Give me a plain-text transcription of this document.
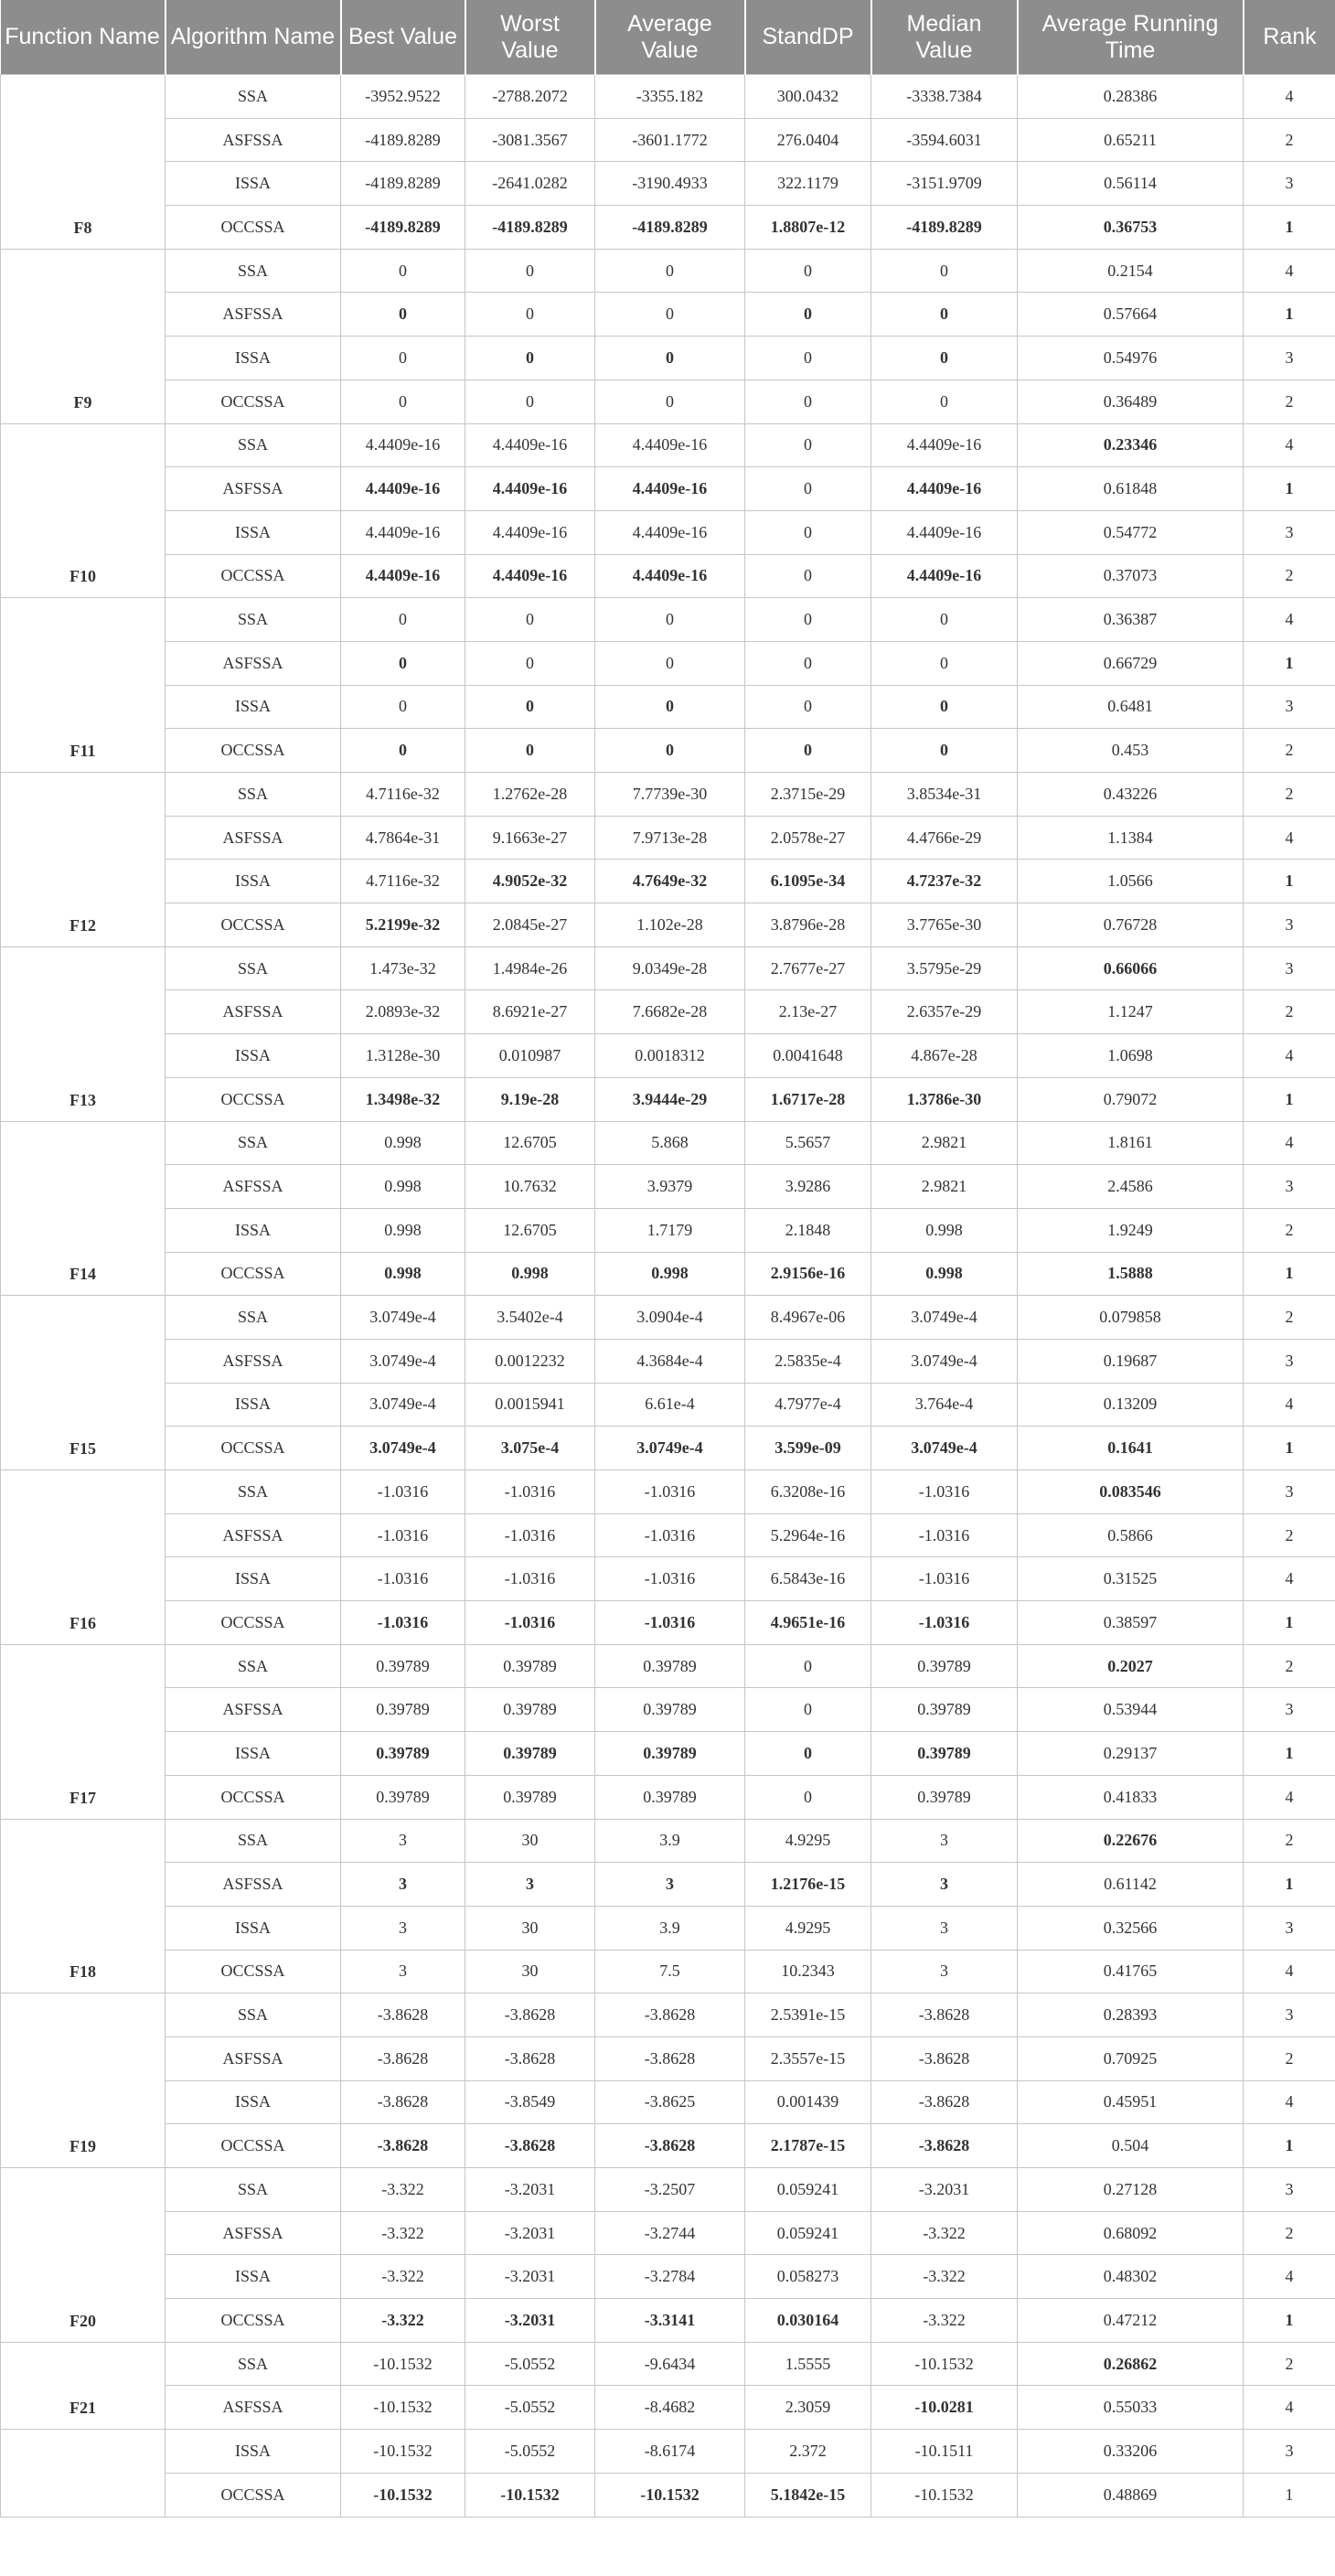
Function Name	Algorithm Name	Best Value	Worst Value	Average Value	StandDP	Median Value	Average Running Time	Rank
F8	SSA	-3952.9522	-2788.2072	-3355.182	300.0432	-3338.7384	0.28386	4
	ASFSSA	-4189.8289	-3081.3567	-3601.1772	276.0404	-3594.6031	0.65211	2
	ISSA	-4189.8289	-2641.0282	-3190.4933	322.1179	-3151.9709	0.56114	3
	OCCSSA	-4189.8289	-4189.8289	-4189.8289	1.8807e-12	-4189.8289	0.36753	1
F9	SSA	0	0	0	0	0	0.2154	4
	ASFSSA	0	0	0	0	0	0.57664	1
	ISSA	0	0	0	0	0	0.54976	3
	OCCSSA	0	0	0	0	0	0.36489	2
F10	SSA	4.4409e-16	4.4409e-16	4.4409e-16	0	4.4409e-16	0.23346	4
	ASFSSA	4.4409e-16	4.4409e-16	4.4409e-16	0	4.4409e-16	0.61848	1
	ISSA	4.4409e-16	4.4409e-16	4.4409e-16	0	4.4409e-16	0.54772	3
	OCCSSA	4.4409e-16	4.4409e-16	4.4409e-16	0	4.4409e-16	0.37073	2
F11	SSA	0	0	0	0	0	0.36387	4
	ASFSSA	0	0	0	0	0	0.66729	1
	ISSA	0	0	0	0	0	0.6481	3
	OCCSSA	0	0	0	0	0	0.453	2
F12	SSA	4.7116e-32	1.2762e-28	7.7739e-30	2.3715e-29	3.8534e-31	0.43226	2
	ASFSSA	4.7864e-31	9.1663e-27	7.9713e-28	2.0578e-27	4.4766e-29	1.1384	4
	ISSA	4.7116e-32	4.9052e-32	4.7649e-32	6.1095e-34	4.7237e-32	1.0566	1
	OCCSSA	5.2199e-32	2.0845e-27	1.102e-28	3.8796e-28	3.7765e-30	0.76728	3
F13	SSA	1.473e-32	1.4984e-26	9.0349e-28	2.7677e-27	3.5795e-29	0.66066	3
	ASFSSA	2.0893e-32	8.6921e-27	7.6682e-28	2.13e-27	2.6357e-29	1.1247	2
	ISSA	1.3128e-30	0.010987	0.0018312	0.0041648	4.867e-28	1.0698	4
	OCCSSA	1.3498e-32	9.19e-28	3.9444e-29	1.6717e-28	1.3786e-30	0.79072	1
F14	SSA	0.998	12.6705	5.868	5.5657	2.9821	1.8161	4
	ASFSSA	0.998	10.7632	3.9379	3.9286	2.9821	2.4586	3
	ISSA	0.998	12.6705	1.7179	2.1848	0.998	1.9249	2
	OCCSSA	0.998	0.998	0.998	2.9156e-16	0.998	1.5888	1
F15	SSA	3.0749e-4	3.5402e-4	3.0904e-4	8.4967e-06	3.0749e-4	0.079858	2
	ASFSSA	3.0749e-4	0.0012232	4.3684e-4	2.5835e-4	3.0749e-4	0.19687	3
	ISSA	3.0749e-4	0.0015941	6.61e-4	4.7977e-4	3.764e-4	0.13209	4
	OCCSSA	3.0749e-4	3.075e-4	3.0749e-4	3.599e-09	3.0749e-4	0.1641	1
F16	SSA	-1.0316	-1.0316	-1.0316	6.3208e-16	-1.0316	0.083546	3
	ASFSSA	-1.0316	-1.0316	-1.0316	5.2964e-16	-1.0316	0.5866	2
	ISSA	-1.0316	-1.0316	-1.0316	6.5843e-16	-1.0316	0.31525	4
	OCCSSA	-1.0316	-1.0316	-1.0316	4.9651e-16	-1.0316	0.38597	1
F17	SSA	0.39789	0.39789	0.39789	0	0.39789	0.2027	2
	ASFSSA	0.39789	0.39789	0.39789	0	0.39789	0.53944	3
	ISSA	0.39789	0.39789	0.39789	0	0.39789	0.29137	1
	OCCSSA	0.39789	0.39789	0.39789	0	0.39789	0.41833	4
F18	SSA	3	30	3.9	4.9295	3	0.22676	2
	ASFSSA	3	3	3	1.2176e-15	3	0.61142	1
	ISSA	3	30	3.9	4.9295	3	0.32566	3
	OCCSSA	3	30	7.5	10.2343	3	0.41765	4
F19	SSA	-3.8628	-3.8628	-3.8628	2.5391e-15	-3.8628	0.28393	3
	ASFSSA	-3.8628	-3.8628	-3.8628	2.3557e-15	-3.8628	0.70925	2
	ISSA	-3.8628	-3.8549	-3.8625	0.001439	-3.8628	0.45951	4
	OCCSSA	-3.8628	-3.8628	-3.8628	2.1787e-15	-3.8628	0.504	1
F20	SSA	-3.322	-3.2031	-3.2507	0.059241	-3.2031	0.27128	3
	ASFSSA	-3.322	-3.2031	-3.2744	0.059241	-3.322	0.68092	2
	ISSA	-3.322	-3.2031	-3.2784	0.058273	-3.322	0.48302	4
	OCCSSA	-3.322	-3.2031	-3.3141	0.030164	-3.322	0.47212	1
F21	SSA	-10.1532	-5.0552	-9.6434	1.5555	-10.1532	0.26862	2
	ASFSSA	-10.1532	-5.0552	-8.4682	2.3059	-10.0281	0.55033	4
	ISSA	-10.1532	-5.0552	-8.6174	2.372	-10.1511	0.33206	3
	OCCSSA	-10.1532	-10.1532	-10.1532	5.1842e-15	-10.1532	0.48869	1
